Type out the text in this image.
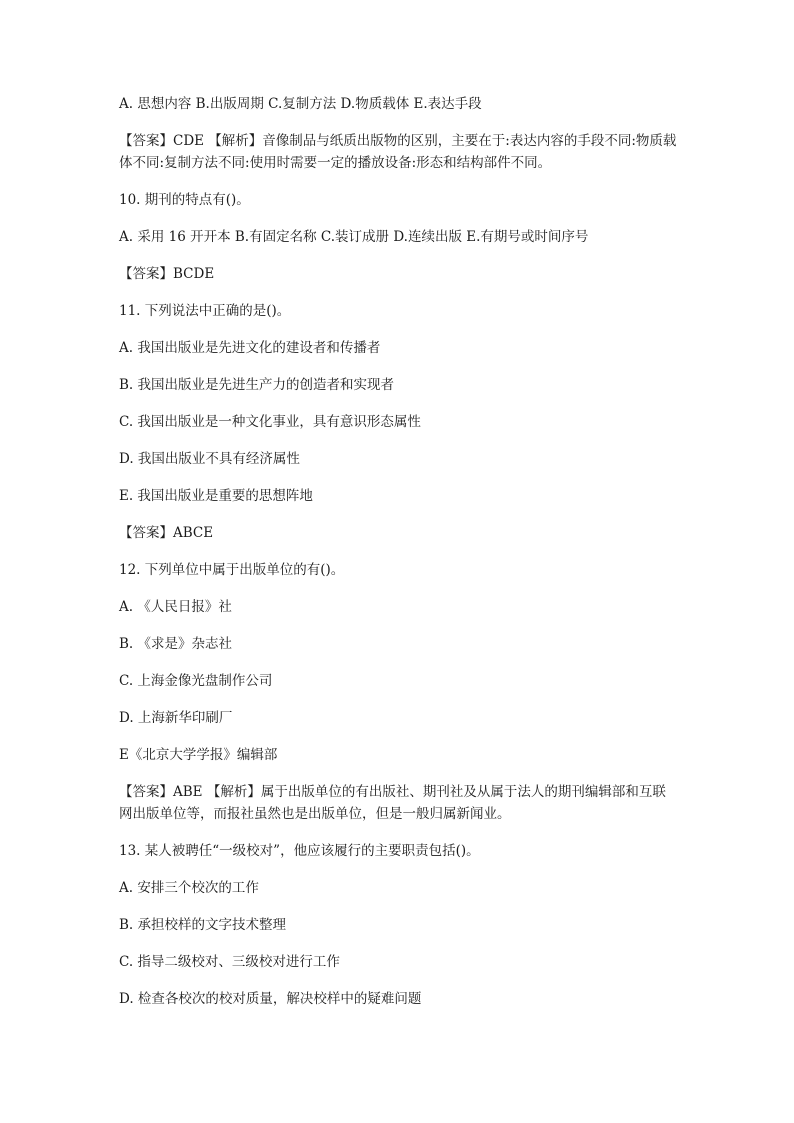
A. 思想内容 B.出版周期 C.复制方法 D.物质载体 E.表达手段

【答案】CDE 【解析】音像制品与纸质出版物的区别，主要在于:表达内容的手段不同:物质载体不同:复制方法不同:使用时需要一定的播放设备:形态和结构部件不同。

10. 期刊的特点有()。

A. 采用 16 开开本 B.有固定名称 C.装订成册 D.连续出版 E.有期号或时间序号

【答案】BCDE

11. 下列说法中正确的是()。

A. 我国出版业是先进文化的建设者和传播者

B. 我国出版业是先进生产力的创造者和实现者

C. 我国出版业是一种文化事业，具有意识形态属性

D. 我国出版业不具有经济属性

E. 我国出版业是重要的思想阵地

【答案】ABCE

12. 下列单位中属于出版单位的有()。

A. 《人民日报》社

B. 《求是》杂志社

C. 上海金像光盘制作公司

D. 上海新华印刷厂

E《北京大学学报》编辑部

【答案】ABE 【解析】属于出版单位的有出版社、期刊社及从属于法人的期刊编辑部和互联网出版单位等，而报社虽然也是出版单位，但是一般归属新闻业。

13. 某人被聘任“一级校对”，他应该履行的主要职责包括()。

A. 安排三个校次的工作

B. 承担校样的文字技术整理

C. 指导二级校对、三级校对进行工作

D. 检查各校次的校对质量，解决校样中的疑难问题
